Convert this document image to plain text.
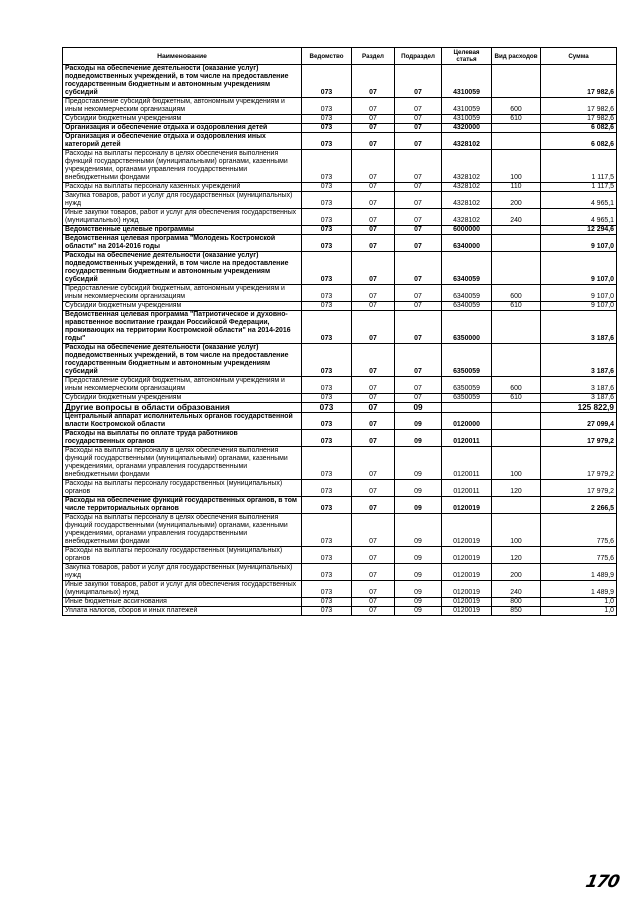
Наименование	Ведомство	Раздел	Подраздел	Целевая статья	Вид расходов	Сумма
Расходы на обеспечение деятельности (оказание услуг) подведомственных учреждений, в том числе на предоставление государственным бюджетным и автономным учреждениям субсидий	073	07	07	4310059		17 982,6
Предоставление субсидий бюджетным, автономным учреждениям и иным некоммерческим организациям	073	07	07	4310059	600	17 982,6
Субсидии бюджетным учреждениям	073	07	07	4310059	610	17 982,6
Организация и обеспечение отдыха и оздоровления детей	073	07	07	4320000		6 082,6
Организация и обеспечение отдыха и оздоровления иных категорий детей	073	07	07	4328102		6 082,6
Расходы на выплаты персоналу в целях обеспечения выполнения функций государственными (муниципальными) органами, казенными учреждениями, органами управления государственными внебюджетными фондами	073	07	07	4328102	100	1 117,5
Расходы на выплаты персоналу казенных учреждений	073	07	07	4328102	110	1 117,5
Закупка товаров, работ и услуг для государственных (муниципальных) нужд	073	07	07	4328102	200	4 965,1
Иные закупки товаров, работ и услуг для обеспечения государственных (муниципальных) нужд	073	07	07	4328102	240	4 965,1
Ведомственные целевые программы	073	07	07	6000000		12 294,6
Ведомственная целевая программа "Молодежь Костромской области" на 2014-2016 годы	073	07	07	6340000		9 107,0
Расходы на обеспечение деятельности (оказание услуг) подведомственных учреждений, в том числе на предоставление государственным бюджетным и автономным учреждениям субсидий	073	07	07	6340059		9 107,0
Предоставление субсидий бюджетным, автономным учреждениям и иным некоммерческим организациям	073	07	07	6340059	600	9 107,0
Субсидии бюджетным учреждениям	073	07	07	6340059	610	9 107,0
Ведомственная целевая программа "Патриотическое и духовно-нравственное воспитание граждан Российской Федерации, проживающих на территории Костромской области" на 2014-2016 годы"	073	07	07	6350000		3 187,6
Расходы на обеспечение деятельности (оказание услуг) подведомственных учреждений, в том числе на предоставление государственным бюджетным и автономным учреждениям субсидий	073	07	07	6350059		3 187,6
Предоставление субсидий бюджетным, автономным учреждениям и иным некоммерческим организациям	073	07	07	6350059	600	3 187,6
Субсидии бюджетным учреждениям	073	07	07	6350059	610	3 187,6
Другие вопросы в области образования	073	07	09			125 822,9
Центральный аппарат исполнительных органов государственной власти Костромской области	073	07	09	0120000		27 099,4
Расходы на выплаты по оплате труда работников государственных органов	073	07	09	0120011		17 979,2
Расходы на выплаты персоналу в целях обеспечения выполнения функций государственными (муниципальными) органами, казенными учреждениями, органами управления государственными внебюджетными фондами	073	07	09	0120011	100	17 979,2
Расходы на выплаты персоналу государственных (муниципальных) органов	073	07	09	0120011	120	17 979,2
Расходы на обеспечение функций государственных органов, в том числе территориальных органов	073	07	09	0120019		2 266,5
Расходы на выплаты персоналу в целях обеспечения выполнения функций государственными (муниципальными) органами, казенными учреждениями, органами управления государственными внебюджетными фондами	073	07	09	0120019	100	775,6
Расходы на выплаты персоналу государственных (муниципальных) органов	073	07	09	0120019	120	775,6
Закупка товаров, работ и услуг для государственных (муниципальных) нужд	073	07	09	0120019	200	1 489,9
Иные закупки товаров, работ и услуг для обеспечения государственных (муниципальных) нужд	073	07	09	0120019	240	1 489,9
Иные бюджетные ассигнования	073	07	09	0120019	800	1,0
Уплата налогов, сборов и иных платежей	073	07	09	0120019	850	1,0
170
